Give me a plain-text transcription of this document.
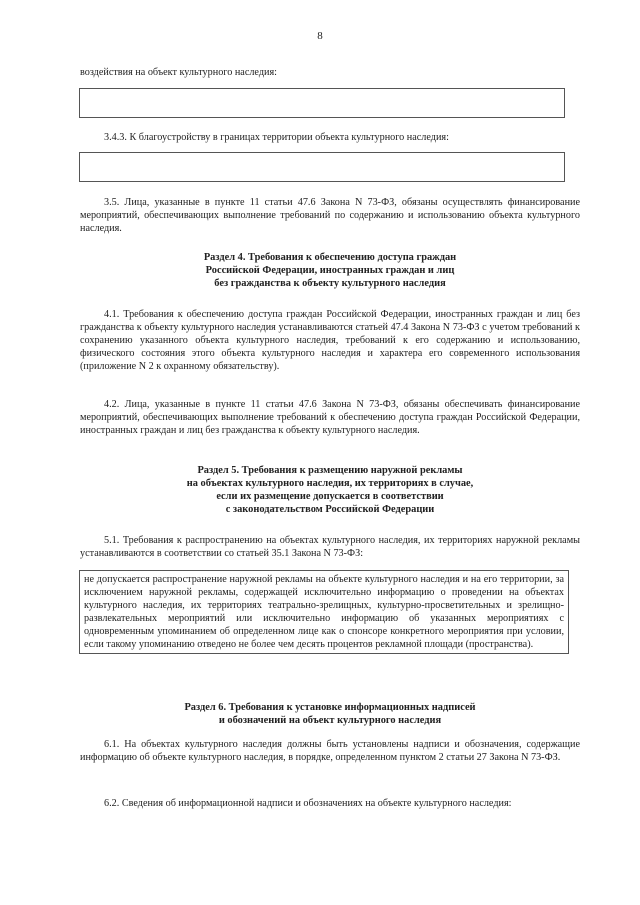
8
воздействия на объект культурного наследия:
3.4.3. К благоустройству в границах территории объекта культурного наследия:
3.5. Лица, указанные в пункте 11 статьи 47.6 Закона N 73-ФЗ, обязаны осуществлять финансирование мероприятий, обеспечивающих выполнение требований по содержанию и использованию объекта культурного наследия.
Раздел 4. Требования к обеспечению доступа граждан
Российской Федерации, иностранных граждан и лиц
без гражданства к объекту культурного наследия
4.1. Требования к обеспечению доступа граждан Российской Федерации, иностранных граждан и лиц без гражданства к объекту культурного наследия устанавливаются статьей 47.4 Закона N 73-ФЗ с учетом требований к сохранению указанного объекта культурного наследия, требований к его содержанию и использованию, физического состояния этого объекта культурного наследия и характера его современного использования (приложение N 2 к охранному обязательству).
4.2. Лица, указанные в пункте 11 статьи 47.6 Закона N 73-ФЗ, обязаны обеспечивать финансирование мероприятий, обеспечивающих выполнение требований к обеспечению доступа граждан Российской Федерации, иностранных граждан и лиц без гражданства к объекту культурного наследия.
Раздел 5. Требования к размещению наружной рекламы
на объектах культурного наследия, их территориях в случае,
если их размещение допускается в соответствии
с законодательством Российской Федерации
5.1. Требования к распространению на объектах культурного наследия, их территориях наружной рекламы устанавливаются в соответствии со статьей 35.1 Закона N 73-ФЗ:
не допускается распространение наружной рекламы на объекте культурного наследия и на его территории, за исключением наружной рекламы, содержащей исключительно информацию о проведении на объектах культурного наследия, их территориях театрально-зрелищных, культурно-просветительных и зрелищно-развлекательных мероприятий или исключительно информацию об указанных мероприятиях с одновременным упоминанием об определенном лице как о спонсоре конкретного мероприятия при условии, если такому упоминанию отведено не более чем десять процентов рекламной площади (пространства).
Раздел 6. Требования к установке информационных надписей
и обозначений на объект культурного наследия
6.1. На объектах культурного наследия должны быть установлены надписи и обозначения, содержащие информацию об объекте культурного наследия, в порядке, определенном пунктом 2 статьи 27 Закона N 73-ФЗ.
6.2. Сведения об информационной надписи и обозначениях на объекте культурного наследия:
